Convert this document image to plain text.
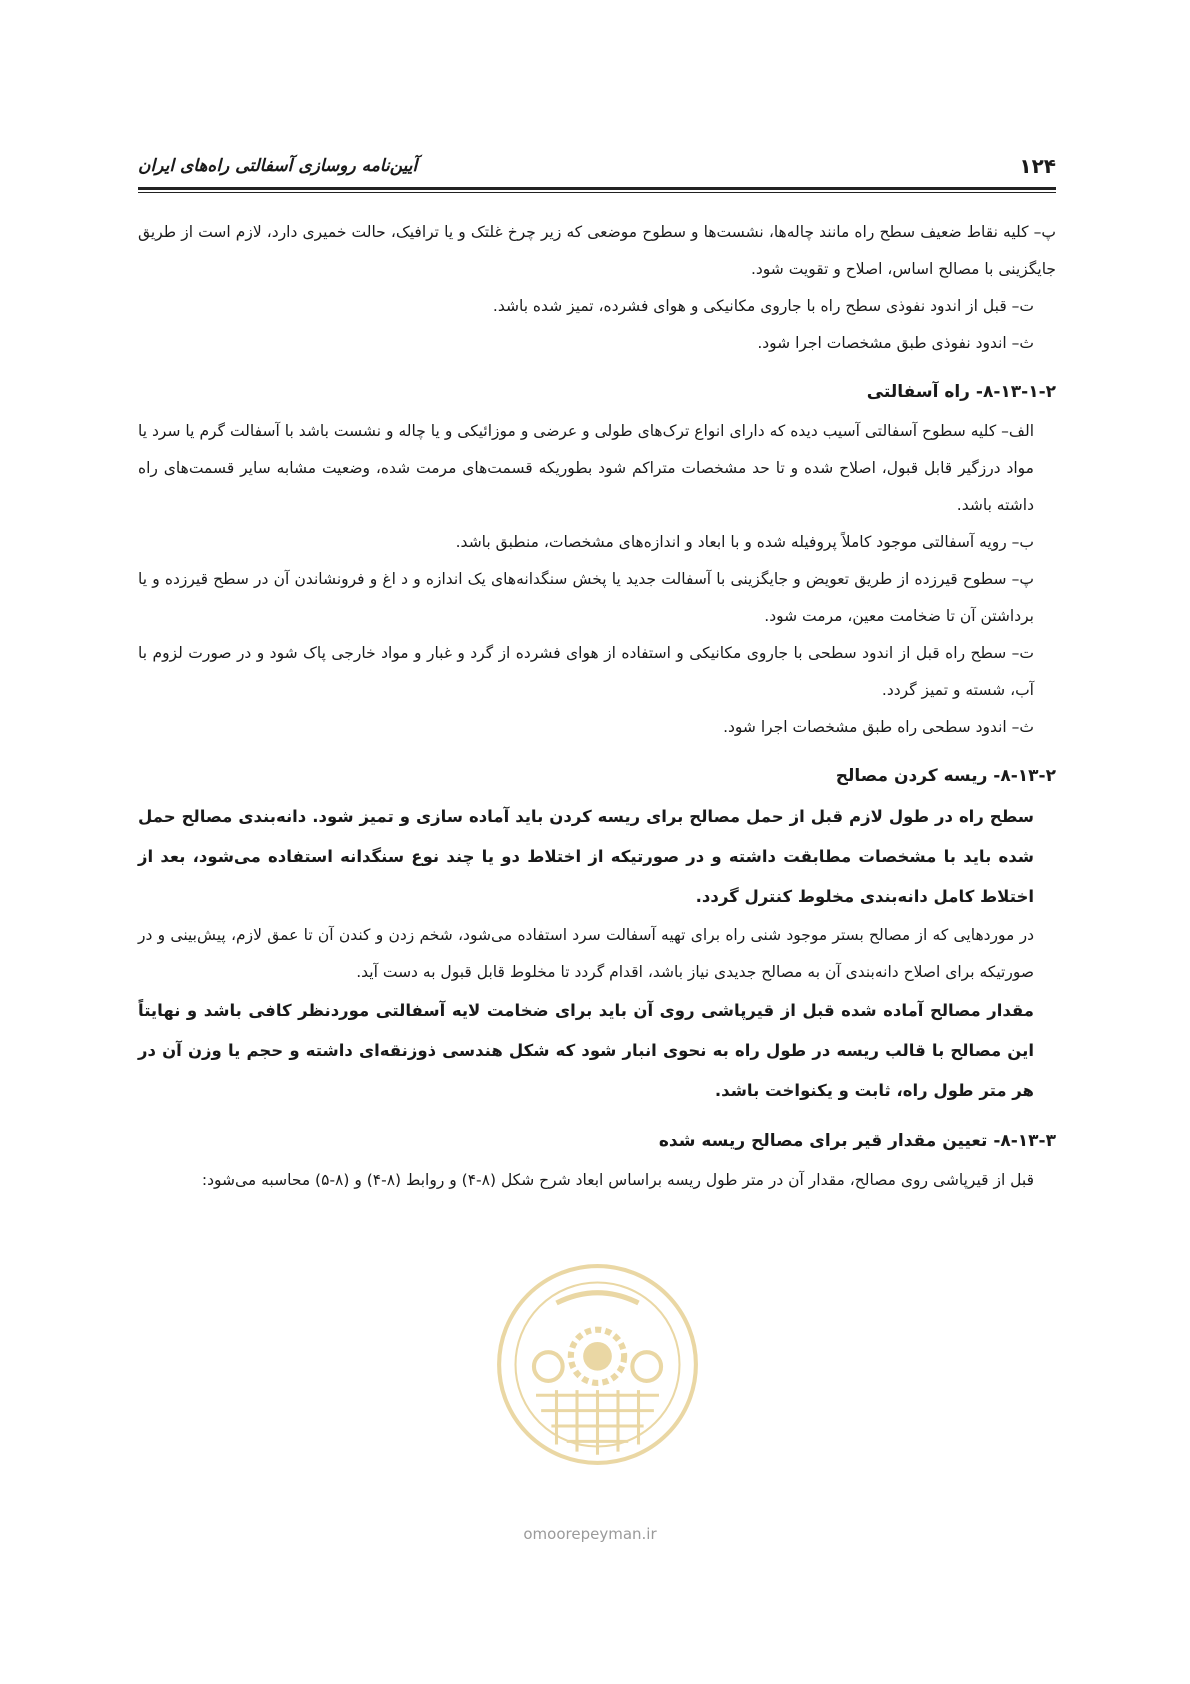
۱۲۴
آیین‌نامه روسازی آسفالتی راه‌های ایران

پ– کلیه نقاط ضعیف سطح راه مانند چاله‌ها، نشست‌ها و سطوح موضعی که زیر چرخ غلتک و یا ترافیک، حالت خمیری دارد، لازم است از طریق جایگزینی با مصالح اساس، اصلاح و تقویت شود.

ت– قبل از اندود نفوذی سطح راه با جاروی مکانیکی و هوای فشرده، تمیز شده باشد.

ث– اندود نفوذی طبق مشخصات اجرا شود.

۸-۱۳-۱-۲- راه آسفالتی

الف– کلیه سطوح آسفالتی آسیب دیده که دارای انواع ترک‌های طولی و عرضی و موزائیکی و یا چاله و نشست باشد با آسفالت گرم یا سرد یا مواد درزگیر قابل قبول، اصلاح شده و تا حد مشخصات متراکم شود بطوریکه قسمت‌های مرمت شده، وضعیت مشابه سایر قسمت‌های راه داشته باشد.

ب– رویه آسفالتی موجود کاملاً پروفیله شده و با ابعاد و اندازه‌های مشخصات، منطبق باشد.

پ– سطوح قیرزده از طریق تعویض و جایگزینی با آسفالت جدید یا پخش سنگدانه‌های یک اندازه و د اغ و فرونشاندن آن در سطح قیرزده و یا برداشتن آن تا ضخامت معین، مرمت شود.

ت– سطح راه قبل از اندود سطحی با جاروی مکانیکی و استفاده از هوای فشرده از گرد و غبار و مواد خارجی پاک شود و در صورت لزوم با آب، شسته و تمیز گردد.

ث– اندود سطحی راه طبق مشخصات اجرا شود.

۸-۱۳-۲- ریسه کردن مصالح

سطح راه در طول لازم قبل از حمل مصالح برای ریسه کردن باید آماده سازی و تمیز شود. دانه‌بندی مصالح حمل شده باید با مشخصات مطابقت داشته و در صورتیکه از اختلاط دو یا چند نوع سنگدانه استفاده می‌شود، بعد از اختلاط کامل دانه‌بندی مخلوط کنترل گردد.

در موردهایی که از مصالح بستر موجود شنی راه برای تهیه آسفالت سرد استفاده می‌شود، شخم زدن و کندن آن تا عمق لازم، پیش‌بینی و در صورتیکه برای اصلاح دانه‌بندی آن به مصالح جدیدی نیاز باشد، اقدام گردد تا مخلوط قابل قبول به دست آید.

مقدار مصالح آماده شده قبل از قیرپاشی روی آن باید برای ضخامت لایه آسفالتی موردنظر کافی باشد و نهایتاً این مصالح با قالب ریسه در طول راه به نحوی انبار شود که شکل هندسی ذوزنقه‌ای داشته و حجم یا وزن آن در هر متر طول راه، ثابت و یکنواخت باشد.

۸-۱۳-۳- تعیین مقدار قیر برای مصالح ریسه شده

قبل از قیرپاشی روی مصالح، مقدار آن در متر طول ریسه براساس ابعاد شرح شکل (۸-۴) و روابط (۸-۴) و (۸-۵) محاسبه می‌شود:

omoorepeyman.ir
